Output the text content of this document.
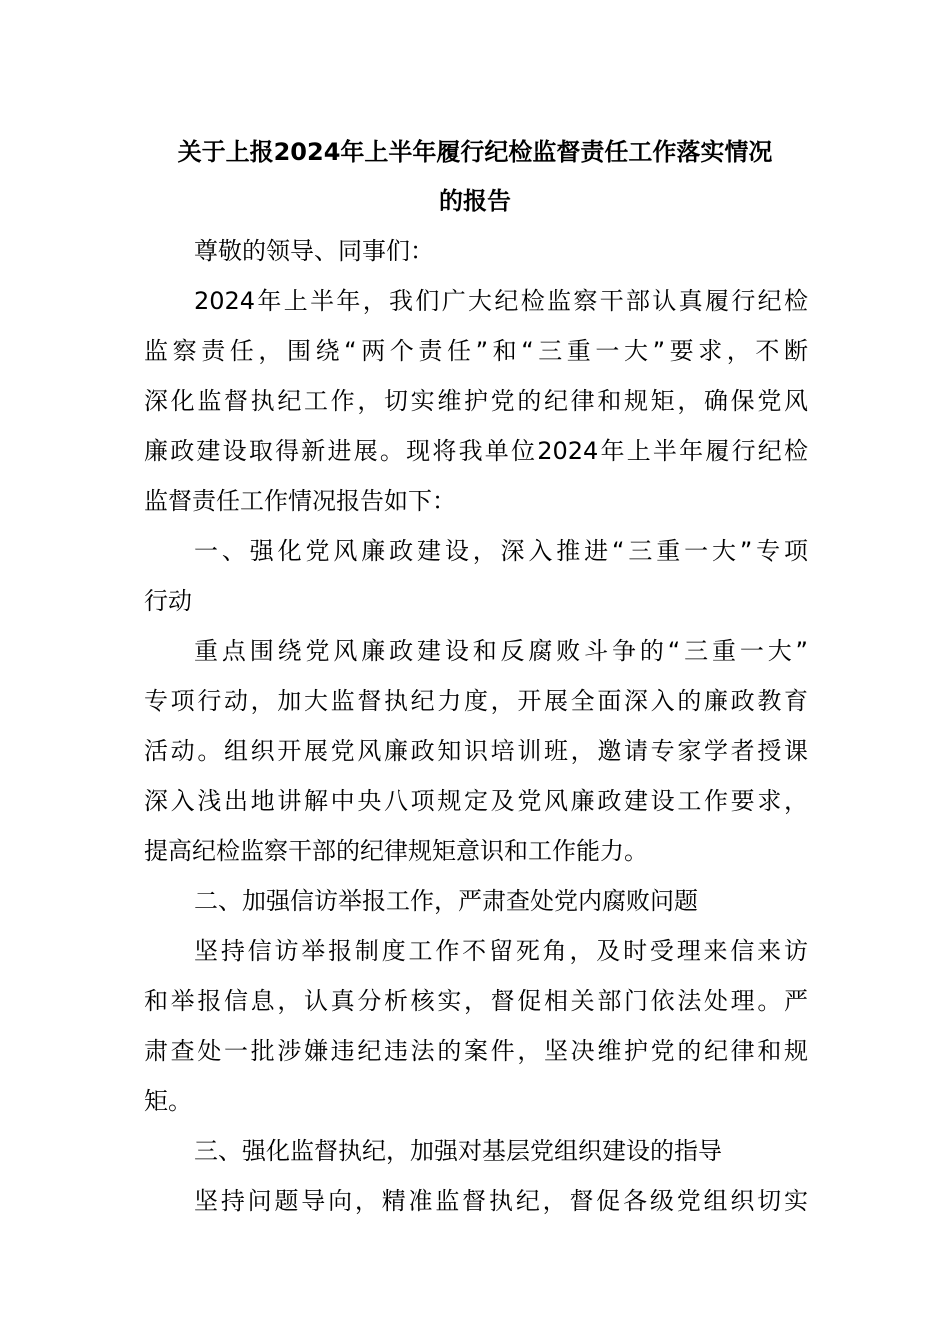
关于上报2024年上半年履行纪检监督责任工作落实情况
的报告
尊敬的领导、同事们：
2024年上半年，我们广大纪检监察干部认真履行纪检
监察责任，围绕“两个责任”和“三重一大”要求，不断
深化监督执纪工作，切实维护党的纪律和规矩，确保党风
廉政建设取得新进展。现将我单位2024年上半年履行纪检
监督责任工作情况报告如下：
一、强化党风廉政建设，深入推进“三重一大”专项
行动
重点围绕党风廉政建设和反腐败斗争的“三重一大”
专项行动，加大监督执纪力度，开展全面深入的廉政教育
活动。组织开展党风廉政知识培训班，邀请专家学者授课
深入浅出地讲解中央八项规定及党风廉政建设工作要求，
提高纪检监察干部的纪律规矩意识和工作能力。
二、加强信访举报工作，严肃查处党内腐败问题
坚持信访举报制度工作不留死角，及时受理来信来访
和举报信息，认真分析核实，督促相关部门依法处理。严
肃查处一批涉嫌违纪违法的案件，坚决维护党的纪律和规
矩。
三、强化监督执纪，加强对基层党组织建设的指导
坚持问题导向，精准监督执纪，督促各级党组织切实
